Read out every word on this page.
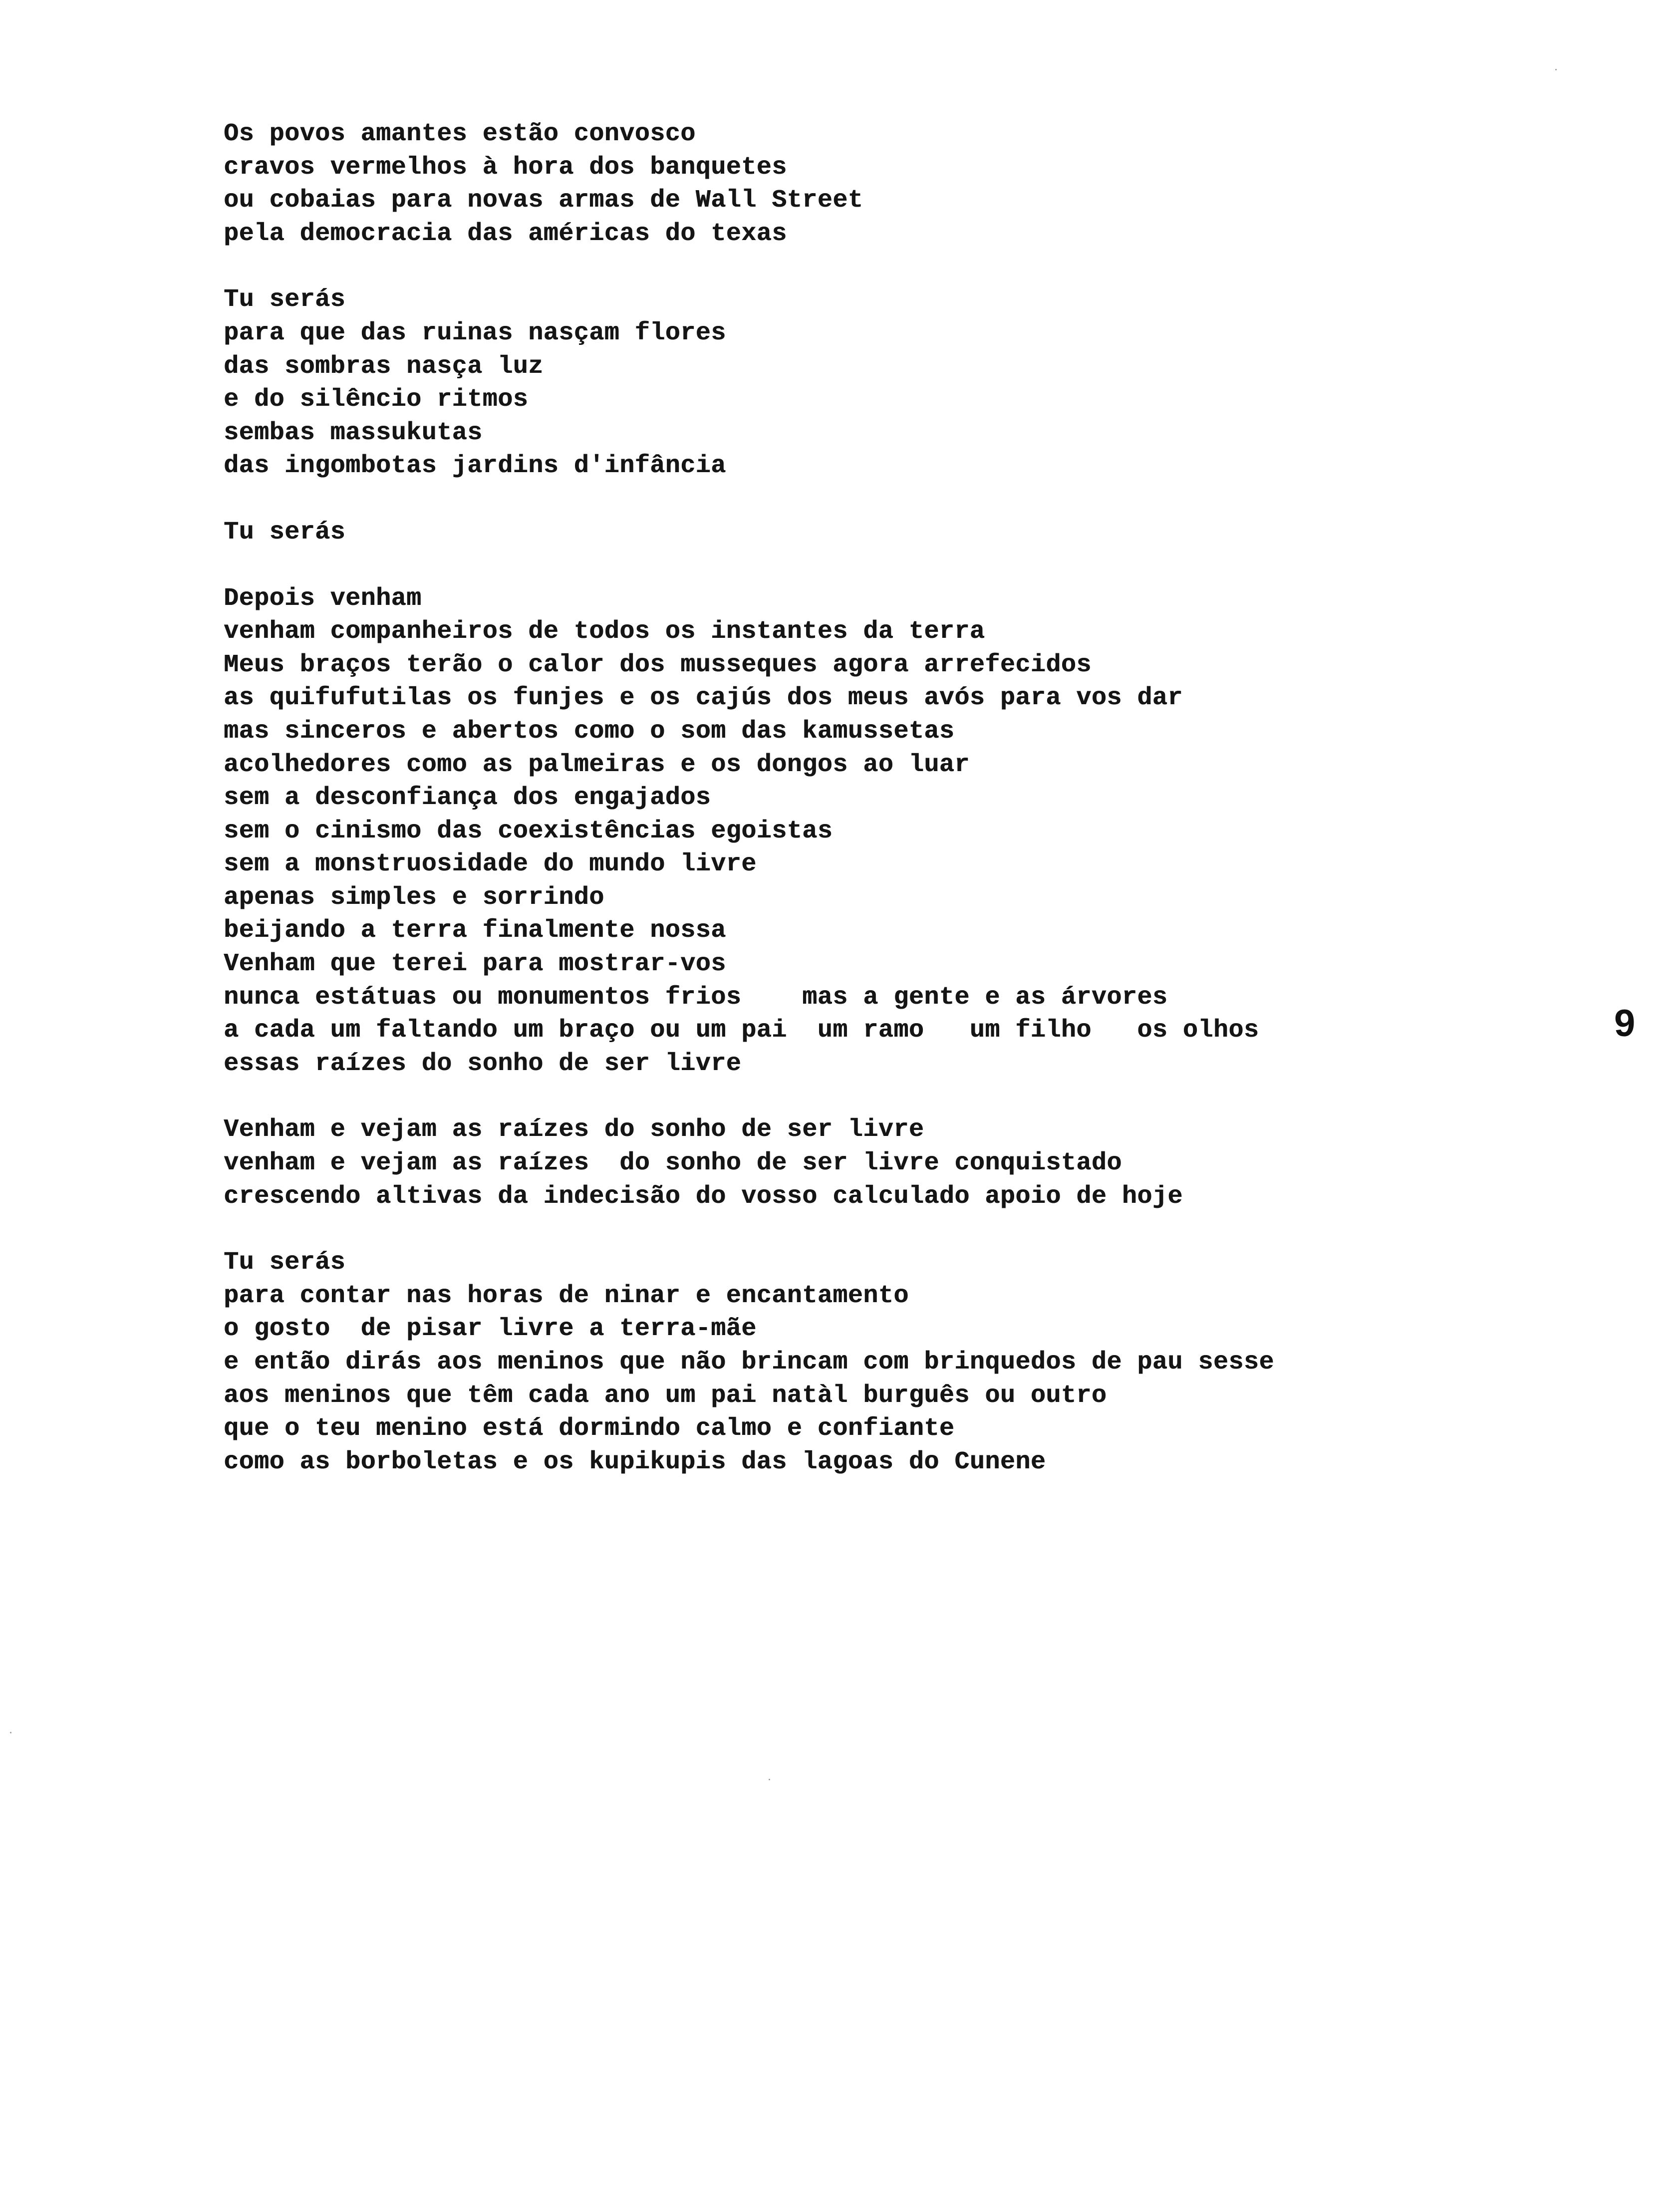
Os povos amantes estão convosco
cravos vermelhos à hora dos banquetes
ou cobaias para novas armas de Wall Street
pela democracia das américas do texas
Tu serás
para que das ruinas nasçam flores
das sombras nasça luz
e do silêncio ritmos
sembas massukutas
das ingombotas jardins d'infância
Tu serás
Depois venham
venham companheiros de todos os instantes da terra
Meus braços terão o calor dos musseques agora arrefecidos
as quifufutilas os funjes e os cajús dos meus avós para vos dar
mas sinceros e abertos como o som das kamussetas
acolhedores como as palmeiras e os dongos ao luar
sem a desconfiança dos engajados
sem o cinismo das coexistências egoistas
sem a monstruosidade do mundo livre
apenas simples e sorrindo
beijando a terra finalmente nossa
Venham que terei para mostrar-vos
nunca estátuas ou monumentos frios    mas a gente e as árvores
a cada um faltando um braço ou um pai  um ramo   um filho   os olhos
essas raízes do sonho de ser livre
Venham e vejam as raízes do sonho de ser livre
venham e vejam as raízes  do sonho de ser livre conquistado
crescendo altivas da indecisão do vosso calculado apoio de hoje
Tu serás
para contar nas horas de ninar e encantamento
o gosto  de pisar livre a terra-mãe
e então dirás aos meninos que não brincam com brinquedos de pau sesse
aos meninos que têm cada ano um pai natàl burguês ou outro
que o teu menino está dormindo calmo e confiante
como as borboletas e os kupikupis das lagoas do Cunene
9
